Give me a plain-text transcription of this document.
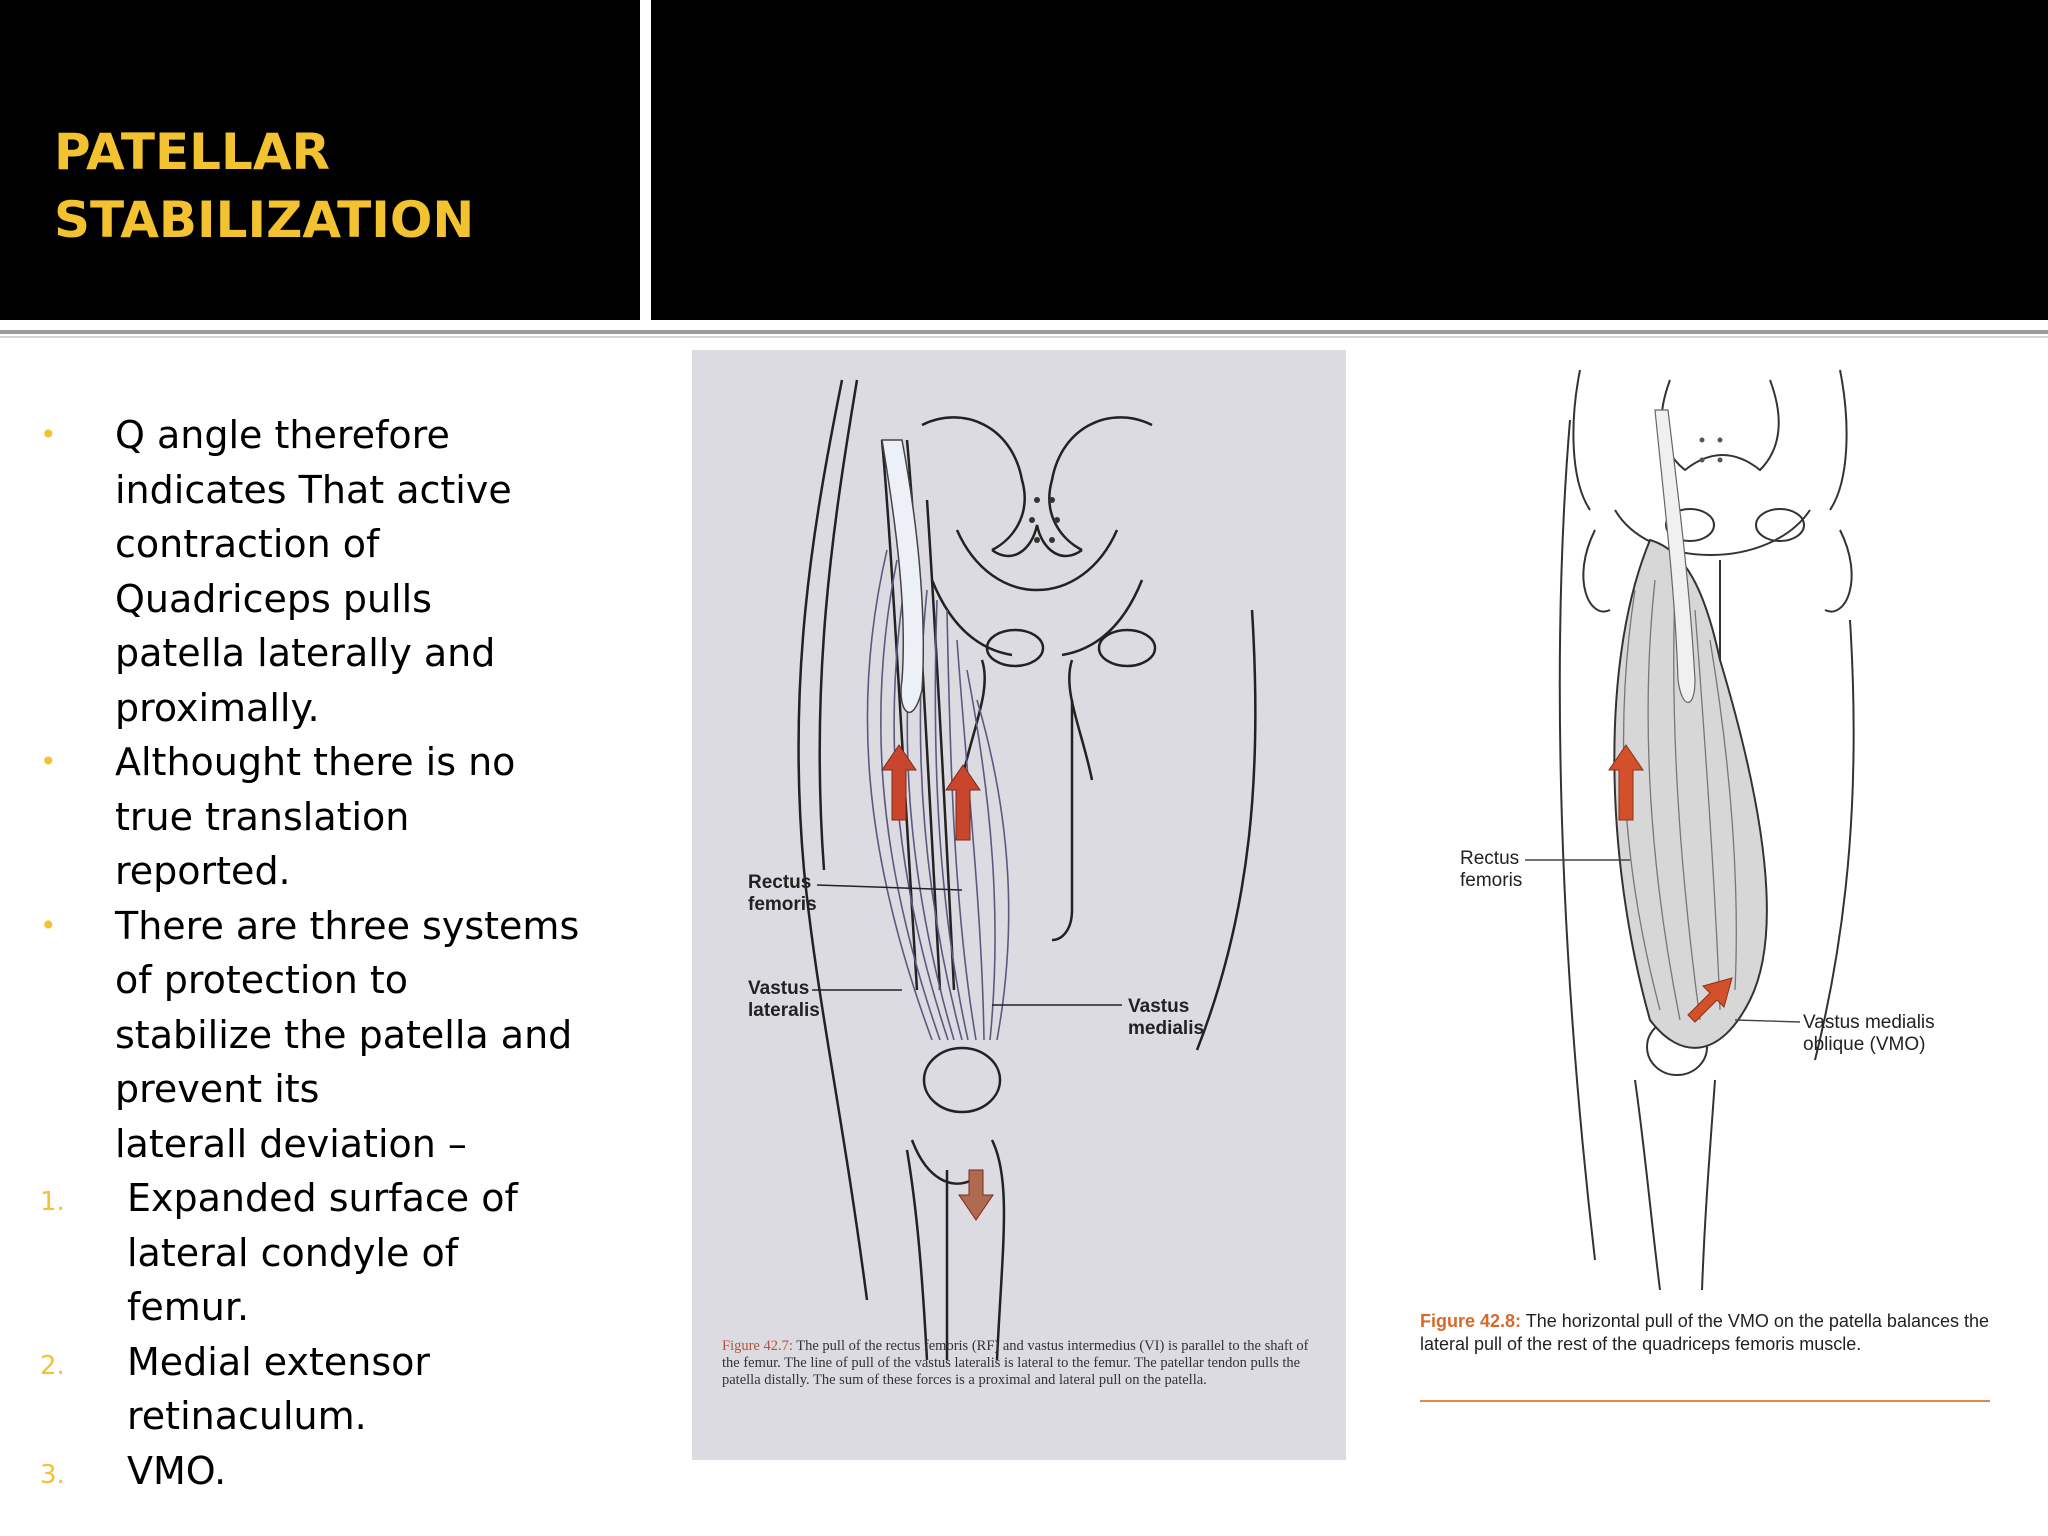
PATELLAR
STABILIZATION
• Q angle therefore
indicates That active
contraction of
Quadriceps pulls
patella laterally and
proximally.
• Althought there is no
true translation
reported.
• There are three systems
of protection to
stabilize the patella and
prevent its
laterall deviation –
1. Expanded surface of
lateral condyle of
femur.
2. Medial extensor
retinaculum.
3. VMO.
Rectus
femoris
Vastus
lateralis	Vastus
medialis
Figure 42.7: The pull of the rectus femoris (RF) and vastus intermedius (VI) is parallel to the shaft of the femur. The line of pull of the vastus lateralis is lateral to the femur. The patellar tendon pulls the patella distally. The sum of these forces is a proximal and lateral pull on the patella.
Rectus
femoris
Vastus medialis
oblique (VMO)
Figure 42.8: The horizontal pull of the VMO on the patella balances the lateral pull of the rest of the quadriceps femoris muscle.
